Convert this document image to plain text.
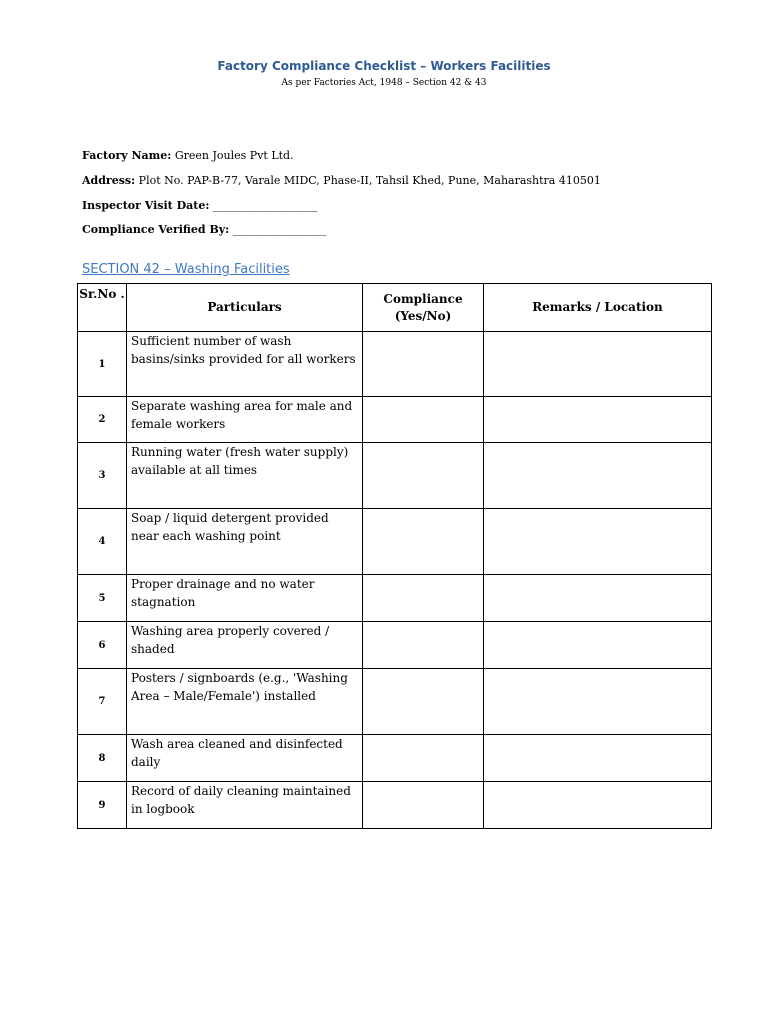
Factory Compliance Checklist – Workers Facilities
As per Factories Act, 1948 – Section 42 & 43
Factory Name: Green Joules Pvt Ltd.
Address: Plot No. PAP-B-77, Varale MIDC, Phase-II, Tahsil Khed, Pune, Maharashtra 410501
Inspector Visit Date: ___________________
Compliance Verified By: _________________
SECTION 42 – Washing Facilities
Sr.No .	Particulars	Compliance (Yes/No)	Remarks / Location
1	Sufficient number of wash basins/sinks provided for all workers		
2	Separate washing area for male and female workers		
3	Running water (fresh water supply) available at all times		
4	Soap / liquid detergent provided near each washing point		
5	Proper drainage and no water stagnation		
6	Washing area properly covered / shaded		
7	Posters / signboards (e.g., 'Washing Area – Male/Female') installed		
8	Wash area cleaned and disinfected daily		
9	Record of daily cleaning maintained in logbook		
